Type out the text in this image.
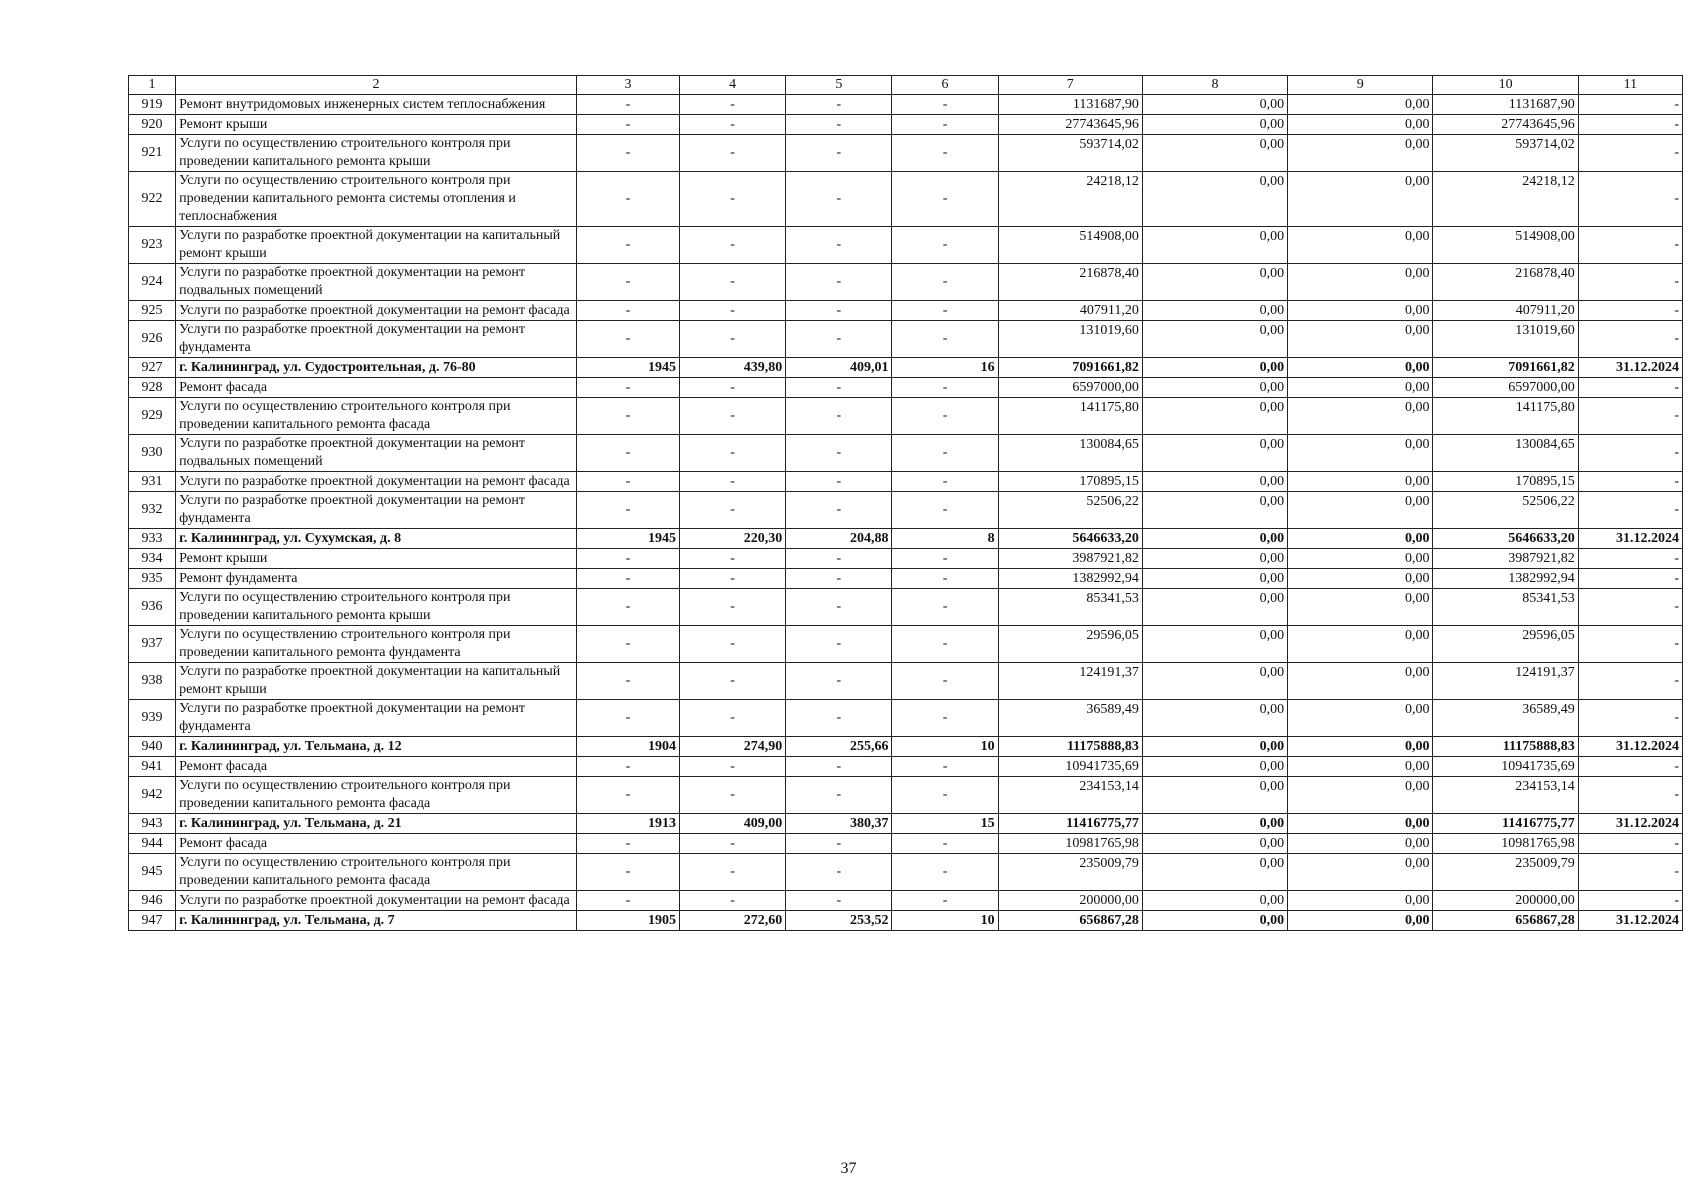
1	2	3	4	5	6	7	8	9	10	11
919	Ремонт внутридомовых инженерных систем теплоснабжения	-	-	-	-	1131687,90	0,00	0,00	1131687,90	-
920	Ремонт крыши	-	-	-	-	27743645,96	0,00	0,00	27743645,96	-
921	Услуги по осуществлению строительного контроля при проведении капитального ремонта крыши	-	-	-	-	593714,02	0,00	0,00	593714,02	-
922	Услуги по осуществлению строительного контроля при проведении капитального ремонта системы отопления и теплоснабжения	-	-	-	-	24218,12	0,00	0,00	24218,12	-
923	Услуги по разработке проектной документации на капитальный ремонт крыши	-	-	-	-	514908,00	0,00	0,00	514908,00	-
924	Услуги по разработке проектной документации на ремонт подвальных помещений	-	-	-	-	216878,40	0,00	0,00	216878,40	-
925	Услуги по разработке проектной документации на ремонт фасада	-	-	-	-	407911,20	0,00	0,00	407911,20	-
926	Услуги по разработке проектной документации на ремонт фундамента	-	-	-	-	131019,60	0,00	0,00	131019,60	-
927	г. Калининград, ул. Судостроительная, д. 76-80	1945	439,80	409,01	16	7091661,82	0,00	0,00	7091661,82	31.12.2024
928	Ремонт фасада	-	-	-	-	6597000,00	0,00	0,00	6597000,00	-
929	Услуги по осуществлению строительного контроля при проведении капитального ремонта фасада	-	-	-	-	141175,80	0,00	0,00	141175,80	-
930	Услуги по разработке проектной документации на ремонт подвальных помещений	-	-	-	-	130084,65	0,00	0,00	130084,65	-
931	Услуги по разработке проектной документации на ремонт фасада	-	-	-	-	170895,15	0,00	0,00	170895,15	-
932	Услуги по разработке проектной документации на ремонт фундамента	-	-	-	-	52506,22	0,00	0,00	52506,22	-
933	г. Калининград, ул. Сухумская, д. 8	1945	220,30	204,88	8	5646633,20	0,00	0,00	5646633,20	31.12.2024
934	Ремонт крыши	-	-	-	-	3987921,82	0,00	0,00	3987921,82	-
935	Ремонт фундамента	-	-	-	-	1382992,94	0,00	0,00	1382992,94	-
936	Услуги по осуществлению строительного контроля при проведении капитального ремонта крыши	-	-	-	-	85341,53	0,00	0,00	85341,53	-
937	Услуги по осуществлению строительного контроля при проведении капитального ремонта фундамента	-	-	-	-	29596,05	0,00	0,00	29596,05	-
938	Услуги по разработке проектной документации на капитальный ремонт крыши	-	-	-	-	124191,37	0,00	0,00	124191,37	-
939	Услуги по разработке проектной документации на ремонт фундамента	-	-	-	-	36589,49	0,00	0,00	36589,49	-
940	г. Калининград, ул. Тельмана, д. 12	1904	274,90	255,66	10	11175888,83	0,00	0,00	11175888,83	31.12.2024
941	Ремонт фасада	-	-	-	-	10941735,69	0,00	0,00	10941735,69	-
942	Услуги по осуществлению строительного контроля при проведении капитального ремонта фасада	-	-	-	-	234153,14	0,00	0,00	234153,14	-
943	г. Калининград, ул. Тельмана, д. 21	1913	409,00	380,37	15	11416775,77	0,00	0,00	11416775,77	31.12.2024
944	Ремонт фасада	-	-	-	-	10981765,98	0,00	0,00	10981765,98	-
945	Услуги по осуществлению строительного контроля при проведении капитального ремонта фасада	-	-	-	-	235009,79	0,00	0,00	235009,79	-
946	Услуги по разработке проектной документации на ремонт фасада	-	-	-	-	200000,00	0,00	0,00	200000,00	-
947	г. Калининград, ул. Тельмана, д. 7	1905	272,60	253,52	10	656867,28	0,00	0,00	656867,28	31.12.2024
37
